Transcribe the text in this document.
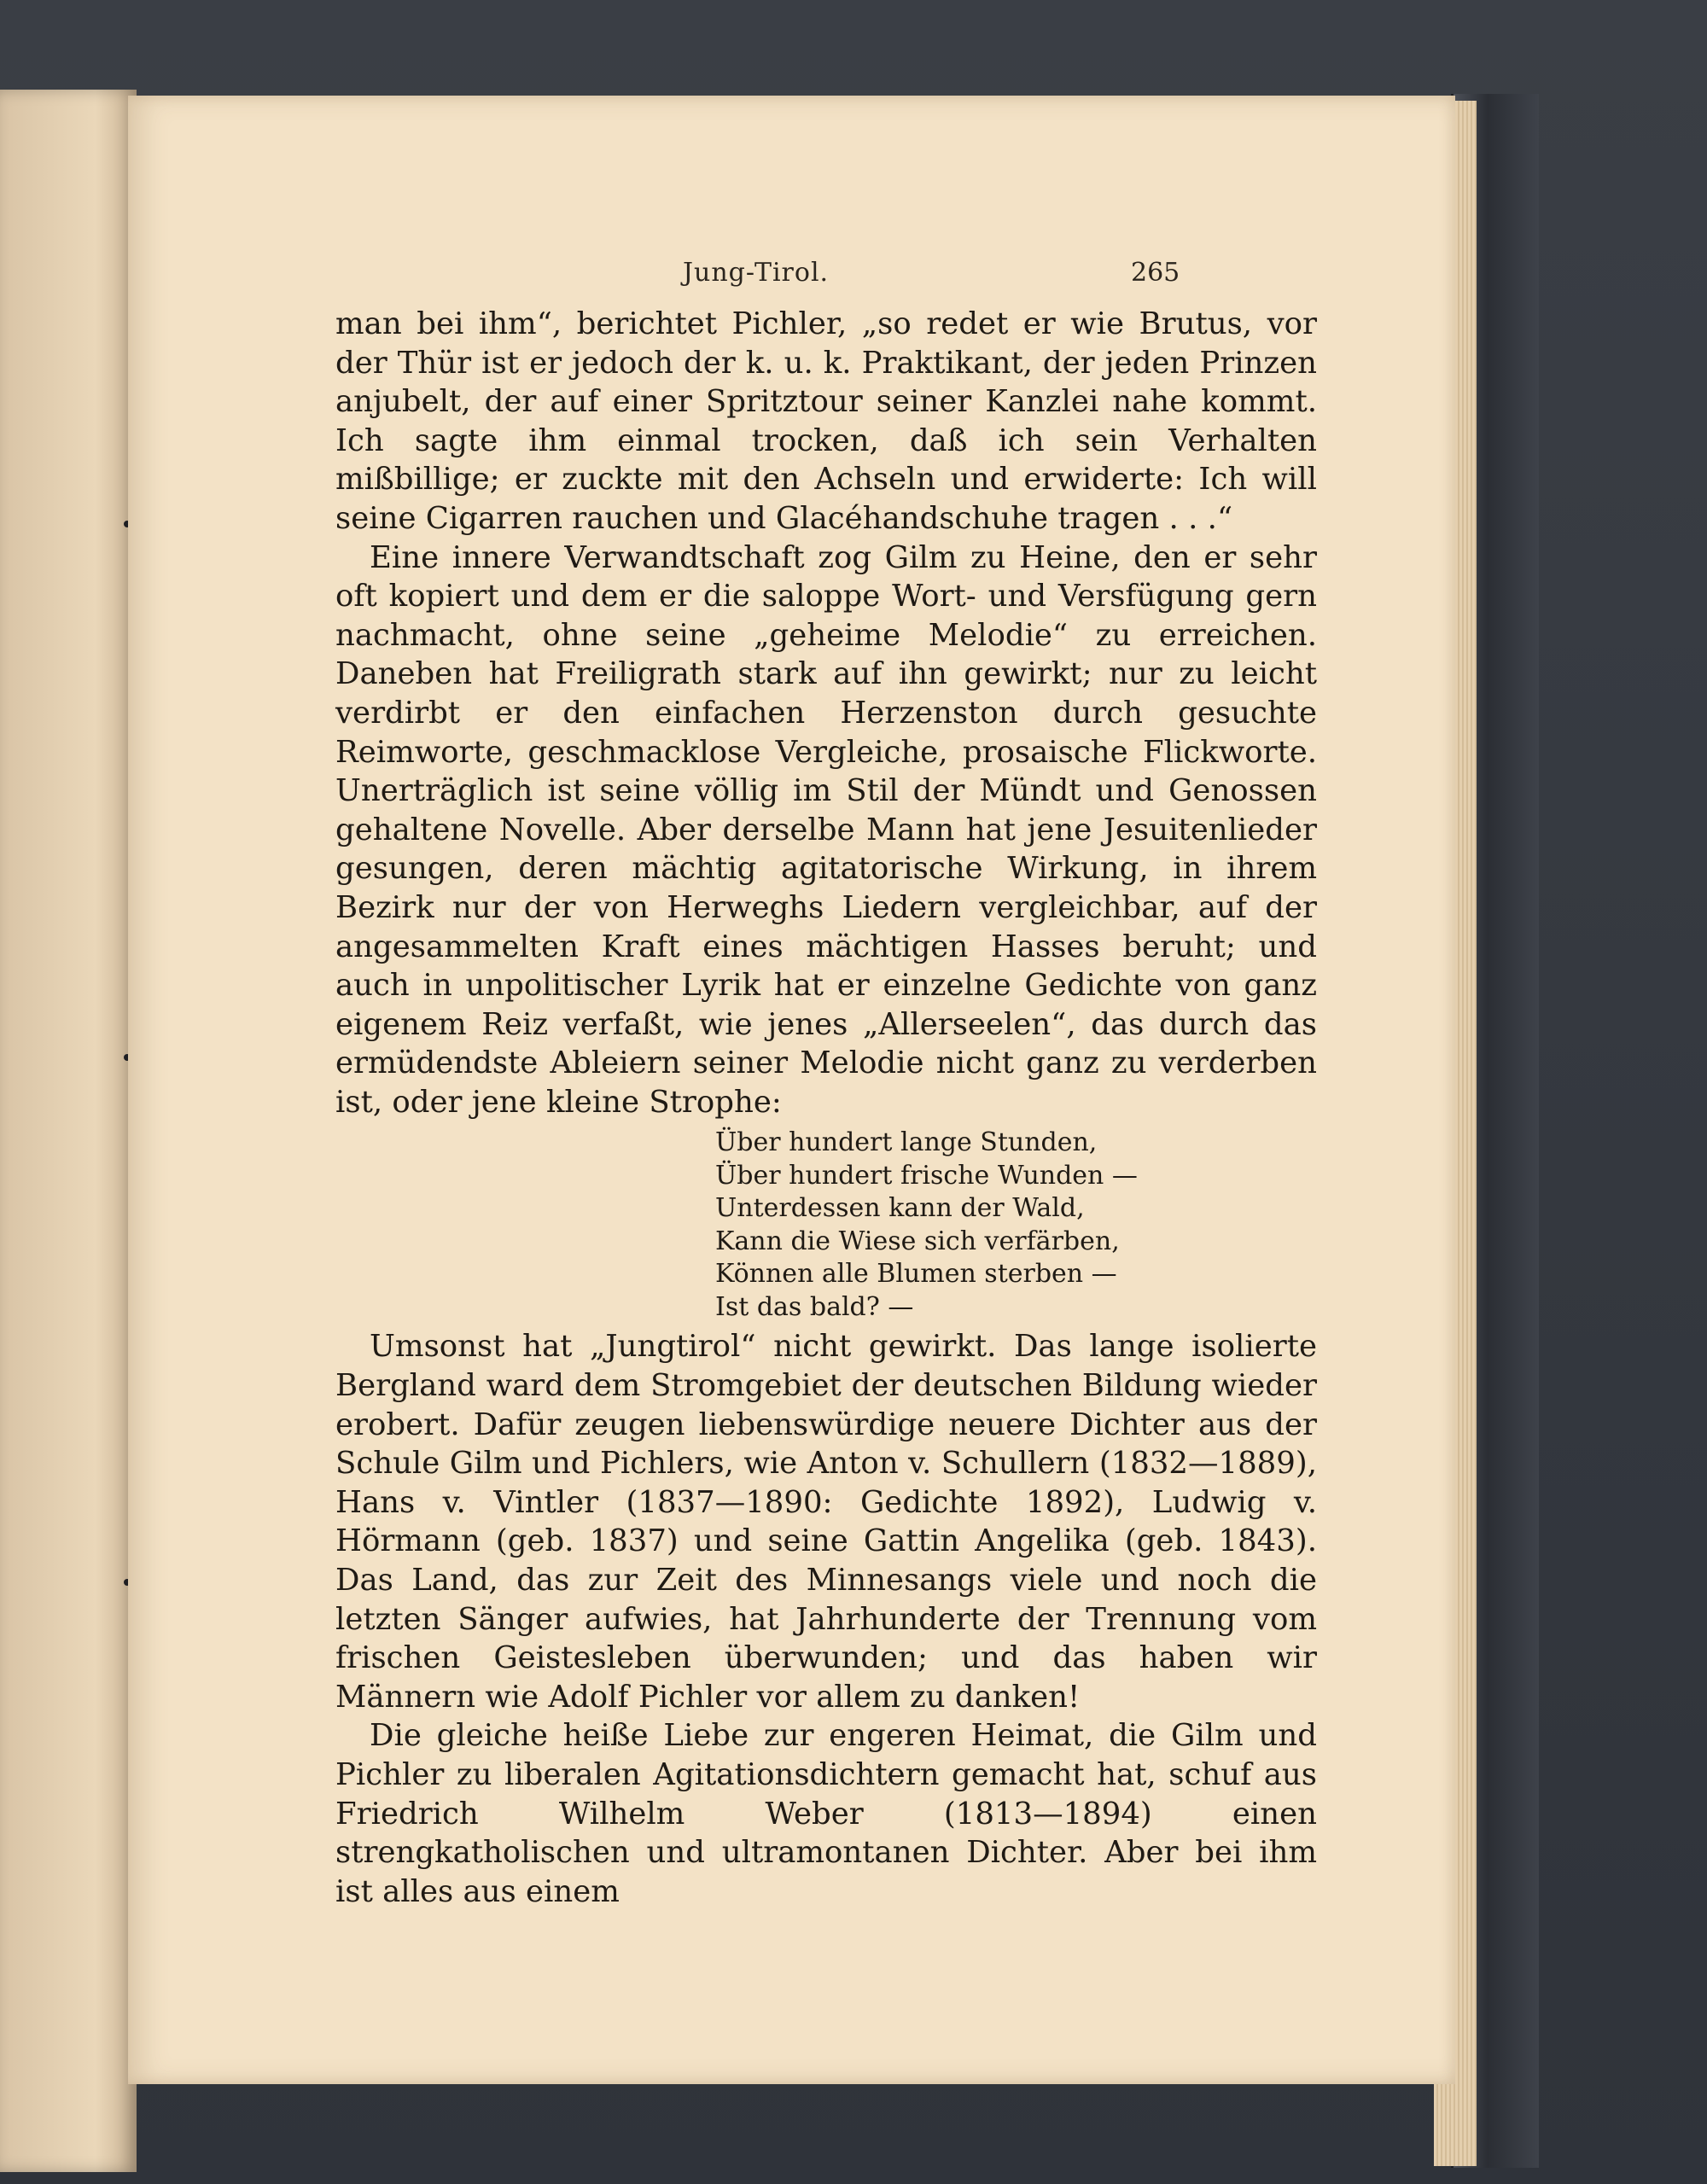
Jung-Tirol.	265

man bei ihm“, berichtet Pichler, „so redet er wie Brutus, vor der Thür ist er jedoch der k. u. k. Praktikant, der jeden Prinzen anjubelt, der auf einer Spritztour seiner Kanzlei nahe kommt. Ich sagte ihm einmal trocken, daß ich sein Verhalten mißbillige; er zuckte mit den Achseln und erwiderte: Ich will seine Cigarren rauchen und Glacéhandschuhe tragen . . .“

Eine innere Verwandtschaft zog Gilm zu Heine, den er sehr oft kopiert und dem er die saloppe Wort- und Versfügung gern nachmacht, ohne seine „geheime Melodie“ zu erreichen. Daneben hat Freiligrath stark auf ihn gewirkt; nur zu leicht verdirbt er den einfachen Herzenston durch gesuchte Reimworte, geschmacklose Vergleiche, prosaische Flickworte. Unerträglich ist seine völlig im Stil der Mündt und Genossen gehaltene Novelle. Aber derselbe Mann hat jene Jesuitenlieder gesungen, deren mächtig agitatorische Wirkung, in ihrem Bezirk nur der von Herweghs Liedern vergleichbar, auf der angesammelten Kraft eines mächtigen Hasses beruht; und auch in unpolitischer Lyrik hat er einzelne Gedichte von ganz eigenem Reiz verfaßt, wie jenes „Allerseelen“, das durch das ermüdendste Ableiern seiner Melodie nicht ganz zu verderben ist, oder jene kleine Strophe:

Über hundert lange Stunden,
Über hundert frische Wunden —
Unterdessen kann der Wald,
Kann die Wiese sich verfärben,
Können alle Blumen sterben —
Ist das bald? —

Umsonst hat „Jungtirol“ nicht gewirkt. Das lange isolierte Bergland ward dem Stromgebiet der deutschen Bildung wieder erobert. Dafür zeugen liebenswürdige neuere Dichter aus der Schule Gilm und Pichlers, wie Anton v. Schullern (1832—1889), Hans v. Vintler (1837—1890: Gedichte 1892), Ludwig v. Hörmann (geb. 1837) und seine Gattin Angelika (geb. 1843). Das Land, das zur Zeit des Minnesangs viele und noch die letzten Sänger aufwies, hat Jahrhunderte der Trennung vom frischen Geistesleben überwunden; und das haben wir Männern wie Adolf Pichler vor allem zu danken!

Die gleiche heiße Liebe zur engeren Heimat, die Gilm und Pichler zu liberalen Agitationsdichtern gemacht hat, schuf aus Friedrich Wilhelm Weber (1813—1894) einen strengkatholischen und ultramontanen Dichter. Aber bei ihm ist alles aus einem
